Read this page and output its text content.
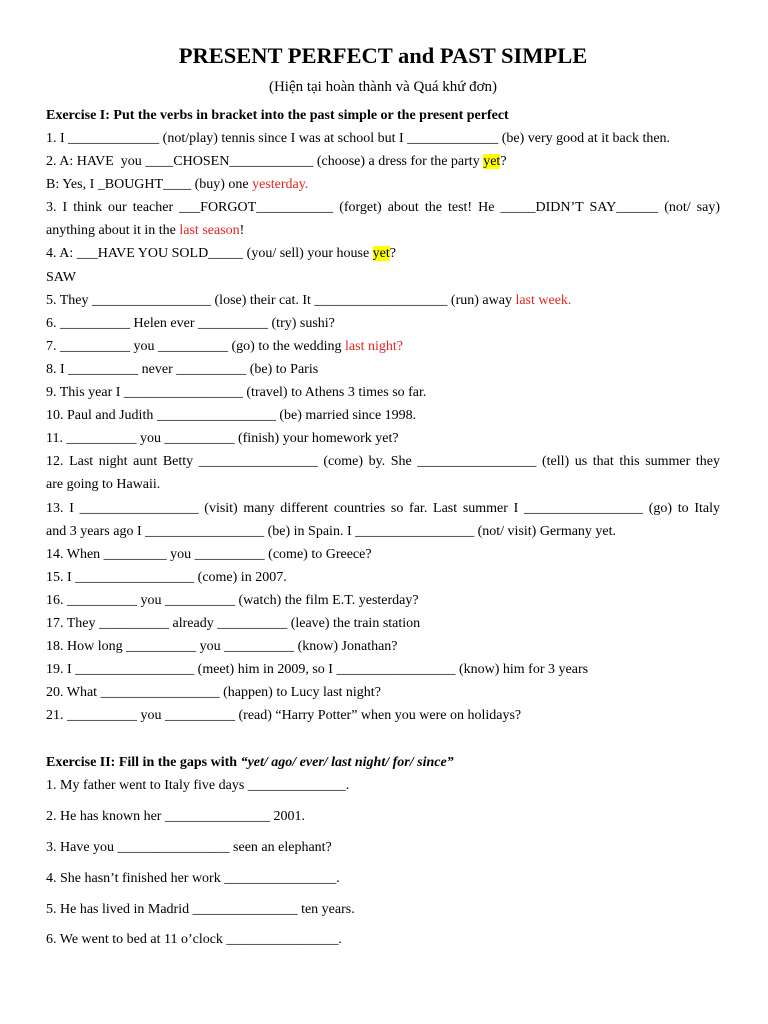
PRESENT PERFECT and PAST SIMPLE

(Hiện tại hoàn thành và Quá khứ đơn)

Exercise I: Put the verbs in bracket into the past simple or the present perfect

1. I _____________ (not/play) tennis since I was at school but I _____________ (be) very good at it back then.

2. A: HAVE  you ____CHOSEN____________ (choose) a dress for the party yet?

B: Yes, I _BOUGHT____ (buy) one yesterday.

3. I think our teacher ___FORGOT___________ (forget) about the test! He _____DIDN’T SAY______ (not/ say)

anything about it in the last season!

4. A: ___HAVE YOU SOLD_____ (you/ sell) your house yet?

SAW

5. They _________________ (lose) their cat. It ___________________ (run) away last week.

6. __________ Helen ever __________ (try) sushi?

7. __________ you __________ (go) to the wedding last night?

8. I __________ never __________ (be) to Paris

9. This year I _________________ (travel) to Athens 3 times so far.

10. Paul and Judith _________________ (be) married since 1998.

11. __________ you __________ (finish) your homework yet?

12. Last night aunt Betty _________________ (come) by. She _________________ (tell) us that this summer they

are going to Hawaii.

13. I _________________ (visit) many different countries so far. Last summer I _________________ (go) to Italy

and 3 years ago I _________________ (be) in Spain. I _________________ (not/ visit) Germany yet.

14. When _________ you __________ (come) to Greece?

15. I _________________ (come) in 2007.

16. __________ you __________ (watch) the film E.T. yesterday?

17. They __________ already __________ (leave) the train station

18. How long __________ you __________ (know) Jonathan?

19. I _________________ (meet) him in 2009, so I _________________ (know) him for 3 years

20. What _________________ (happen) to Lucy last night?

21. __________ you __________ (read) “Harry Potter” when you were on holidays?

Exercise II: Fill in the gaps with “yet/ ago/ ever/ last night/ for/ since”

1. My father went to Italy five days ______________.

2. He has known her _______________ 2001.

3. Have you ________________ seen an elephant?

4. She hasn’t finished her work ________________.

5. He has lived in Madrid _______________ ten years.

6. We went to bed at 11 o’clock ________________.
